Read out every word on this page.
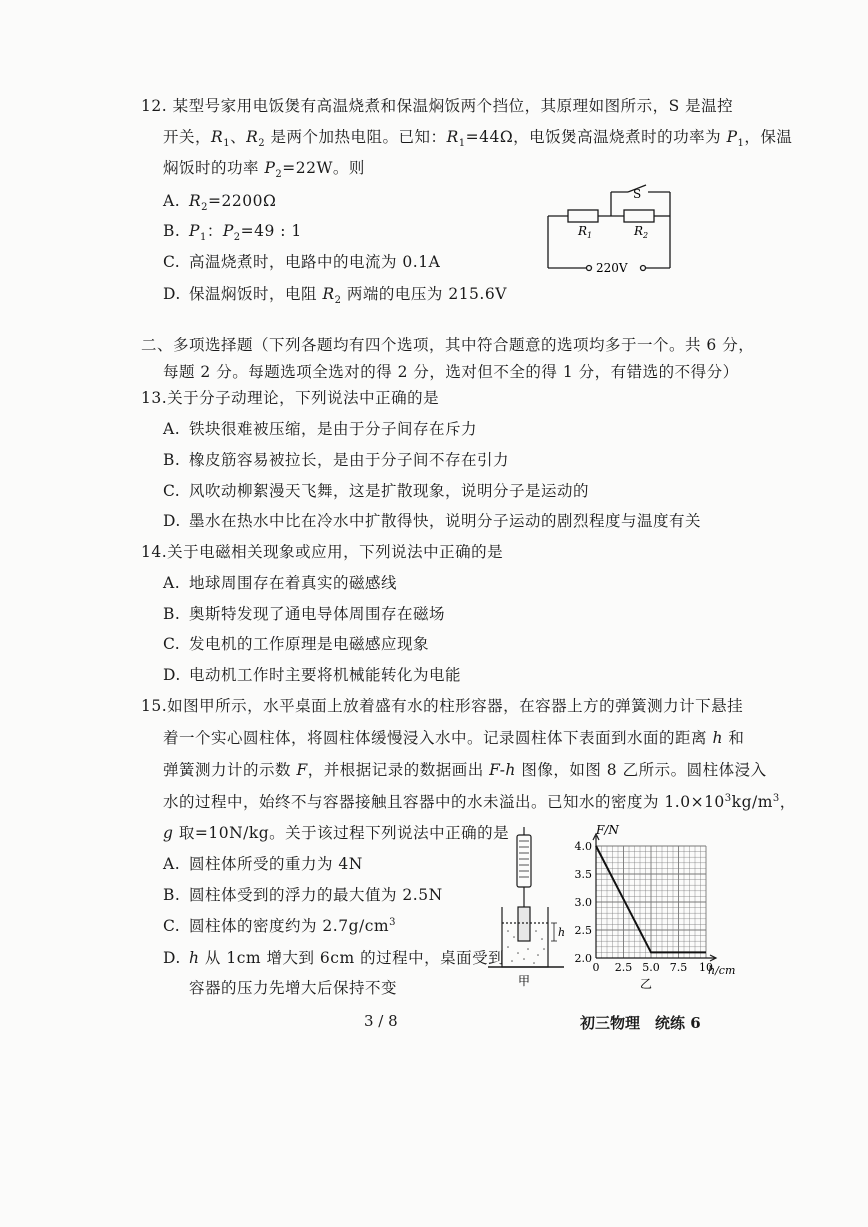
12. 某型号家用电饭煲有高温烧煮和保温焖饭两个挡位，其原理如图所示，S 是温控
开关，$R_1$、$R_2$ 是两个加热电阻。已知：$R_1=44\Omega$，电饭煲高温烧煮时的功率为 $P_1$，保温
焖饭时的功率 $P_2=22W$。则
A. $R_2=2200\Omega$
B. $P_1$：$P_2=49$ : 1
C. 高温烧煮时，电路中的电流为 0.1A
D. 保温焖饭时，电阻 $R_2$ 两端的电压为 215.6V
S
$R_1$	$R_2$
220V
二、多项选择题（下列各题均有四个选项，其中符合题意的选项均多于一个。共 6 分，
每题 2 分。每题选项全选对的得 2 分，选对但不全的得 1 分，有错选的不得分）
13.关于分子动理论，下列说法中正确的是
A. 铁块很难被压缩，是由于分子间存在斥力
B. 橡皮筋容易被拉长，是由于分子间不存在引力
C. 风吹动柳絮漫天飞舞，这是扩散现象，说明分子是运动的
D. 墨水在热水中比在冷水中扩散得快，说明分子运动的剧烈程度与温度有关
14.关于电磁相关现象或应用，下列说法中正确的是
A. 地球周围存在着真实的磁感线
B. 奥斯特发现了通电导体周围存在磁场
C. 发电机的工作原理是电磁感应现象
D. 电动机工作时主要将机械能转化为电能
15.如图甲所示，水平桌面上放着盛有水的柱形容器，在容器上方的弹簧测力计下悬挂
着一个实心圆柱体，将圆柱体缓慢浸入水中。记录圆柱体下表面到水面的距离 h 和
弹簧测力计的示数 F，并根据记录的数据画出 F-h 图像，如图 8 乙所示。圆柱体浸入
水的过程中，始终不与容器接触且容器中的水未溢出。已知水的密度为 $1.0\times 10^3kg/m^3$，
g 取=10N/kg。关于该过程下列说法中正确的是
A. 圆柱体所受的重力为 4N
B. 圆柱体受到的浮力的最大值为 2.5N
C. 圆柱体的密度约为 $2.7g/cm^3$
D. h 从 1cm 增大到 6cm 的过程中，桌面受到
容器的压力先增大后保持不变
h
甲
F/N
h/cm
2.0
2.5
3.0
3.5
4.0
0 2.5 5.0 7.5 10
乙
3 / 8	初三物理　统练 6
